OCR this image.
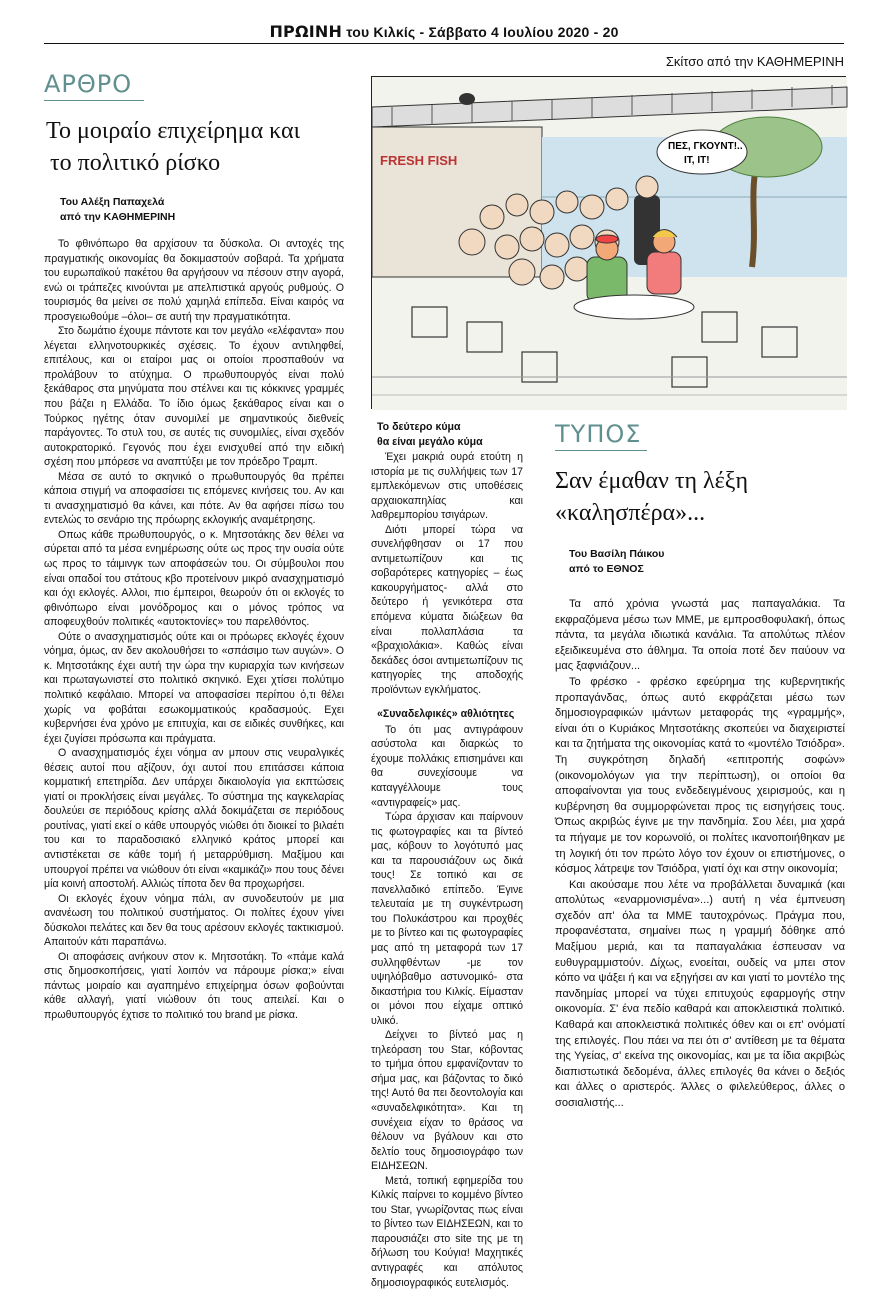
ΠΡΩΙΝΗ του Κιλκίς - Σάββατο 4 Ιουλίου 2020 - 20
Σκίτσο από την ΚΑΘΗΜΕΡΙΝΗ
ΑΡΘΡΟ
Το μοιραίο επιχείρημα και
το πολιτικό ρίσκο
Του Αλέξη Παπαχελά
από την ΚΑΘΗΜΕΡΙΝΗ

Το φθινόπωρο θα αρχίσουν τα δύσκολα. Οι αντοχές της πραγματικής οικονομίας θα δοκιμαστούν σοβαρά. Τα χρήματα του ευρωπαϊκού πακέτου θα αργήσουν να πέσουν στην αγορά, ενώ οι τράπεζες κινούνται με απελπιστικά αργούς ρυθμούς. Ο τουρισμός θα μείνει σε πολύ χαμηλά επίπεδα. Είναι καιρός να προσγειωθούμε –όλοι– σε αυτή την πραγματικότητα.

Στο δωμάτιο έχουμε πάντοτε και τον μεγάλο «ελέφαντα» που λέγεται ελληνοτουρκικές σχέσεις. Το έχουν αντιληφθεί, επιτέλους, και οι εταίροι μας οι οποίοι προσπαθούν να προλάβουν το ατύχημα. Ο πρωθυπουργός είναι πολύ ξεκάθαρος στα μηνύματα που στέλνει και τις κόκκινες γραμμές που βάζει η Ελλάδα. Το ίδιο όμως ξεκάθαρος είναι και ο Τούρκος ηγέτης όταν συνομιλεί με σημαντικούς διεθνείς παράγοντες. Το στυλ του, σε αυτές τις συνομιλίες, είναι σχεδόν αυτοκρατορικό. Γεγονός που έχει ενισχυθεί από την ειδική σχέση που μπόρεσε να αναπτύξει με τον πρόεδρο Τραμπ.

Μέσα σε αυτό το σκηνικό ο πρωθυπουργός θα πρέπει κάποια στιγμή να αποφασίσει τις επόμενες κινήσεις του. Αν και τι ανασχηματισμό θα κάνει, και πότε. Αν θα αφήσει πίσω του εντελώς το σενάριο της πρόωρης εκλογικής αναμέτρησης.

Οπως κάθε πρωθυπουργός, ο κ. Μητσοτάκης δεν θέλει να σύρεται από τα μέσα ενημέρωσης ούτε ως προς την ουσία ούτε ως προς το τάιμινγκ των αποφάσεών του. Οι σύμβουλοι που είναι οπαδοί του στάτους κβο προτείνουν μικρό ανασχηματισμό και όχι εκλογές. Αλλοι, πιο έμπειροι, θεωρούν ότι οι εκλογές το φθινόπωρο είναι μονόδρομος και ο μόνος τρόπος να αποφευχθούν πολιτικές «αυτοκτονίες» του παρελθόντος.

Ούτε ο ανασχηματισμός ούτε και οι πρόωρες εκλογές έχουν νόημα, όμως, αν δεν ακολουθήσει το «σπάσιμο των αυγών». Ο κ. Μητσοτάκης έχει αυτή την ώρα την κυριαρχία των κινήσεων και πρωταγωνιστεί στο πολιτικό σκηνικό. Εχει χτίσει πολύτιμο πολιτικό κεφάλαιο. Μπορεί να αποφασίσει περίπου ό,τι θέλει χωρίς να φοβάται εσωκομματικούς κραδασμούς. Εχει κυβερνήσει ένα χρόνο με επιτυχία, και σε ειδικές συνθήκες, και έχει ζυγίσει πρόσωπα και πράγματα.

Ο ανασχηματισμός έχει νόημα αν μπουν στις νευραλγικές θέσεις αυτοί που αξίζουν, όχι αυτοί που επιτάσσει κάποια κομματική επετηρίδα. Δεν υπάρχει δικαιολογία για εκπτώσεις γιατί οι προκλήσεις είναι μεγάλες. Το σύστημα της καγκελαρίας δουλεύει σε περιόδους κρίσης αλλά δοκιμάζεται σε περιόδους ρουτίνας, γιατί εκεί ο κάθε υπουργός νιώθει ότι διοικεί το βιλαέτι του και το παραδοσιακό ελληνικό κράτος μπορεί και αντιστέκεται σε κάθε τομή ή μεταρρύθμιση. Μαξίμου και υπουργοί πρέπει να νιώθουν ότι είναι «καμικάζι» που τους δένει μία κοινή αποστολή. Αλλιώς τίποτα δεν θα προχωρήσει.

Οι εκλογές έχουν νόημα πάλι, αν συνοδευτούν με μια ανανέωση του πολιτικού συστήματος. Οι πολίτες έχουν γίνει δύσκολοι πελάτες και δεν θα τους αρέσουν εκλογές τακτικισμού. Απαιτούν κάτι παραπάνω.

Οι αποφάσεις ανήκουν στον κ. Μητσοτάκη. Το «πάμε καλά στις δημοσκοπήσεις, γιατί λοιπόν να πάρουμε ρίσκα;» είναι πάντως μοιραίο και αγαπημένο επιχείρημα όσων φοβούνται κάθε αλλαγή, γιατί νιώθουν ότι τους απειλεί. Και ο πρωθυπουργός έχτισε το πολιτικό του brand με ρίσκα.

FRESH FISH
ΠΕΣ, ΓΚΟΥΝΤ!..
IT, IT!
Το δεύτερο κύμα
θα είναι μεγάλο κύμα

Έχει μακριά ουρά ετούτη η ιστορία με τις συλλήψεις των 17 εμπλεκόμενων στις υποθέσεις αρχαιοκαπηλίας και λαθρεμπορίου τσιγάρων.

Διότι μπορεί τώρα να συνελήφθησαν οι 17 που αντιμετωπίζουν και τις σοβαρότερες κατηγορίες – έως κακουργήματος- αλλά στο δεύτερο ή γενικότερα στα επόμενα κύματα διώξεων θα είναι πολλαπλάσια τα «βραχιολάκια». Καθώς είναι δεκάδες όσοι αντιμετωπίζουν τις κατηγορίες της αποδοχής προϊόντων εγκλήματος.

«Συναδελφικές» αθλιότητες

Το ότι μας αντιγράφουν ασύστολα και διαρκώς το έχουμε πολλάκις επισημάνει και θα συνεχίσουμε να καταγγέλλουμε τους «αντιγραφείς» μας.

Τώρα άρχισαν και παίρνουν τις φωτογραφίες και τα βίντεό μας, κόβουν το λογότυπό μας και τα παρουσιάζουν ως δικά τους! Σε τοπικό και σε πανελλαδικό επίπεδο. Έγινε τελευταία με τη συγκέντρωση του Πολυκάστρου και προχθές με το βίντεο και τις φωτογραφίες μας από τη μεταφορά των 17 συλληφθέντων -με τον υψηλόβαθμο αστυνομικό- στα δικαστήρια του Κιλκίς. Είμασταν οι μόνοι που είχαμε οπτικό υλικό.

Δείχνει το βίντεό μας η τηλεόραση του Star, κόβοντας το τμήμα όπου εμφανίζονταν το σήμα μας, και βάζοντας το δικό της! Αυτό θα πει δεοντολογία και «συναδελφικότητα». Και τη συνέχεια είχαν το θράσος να θέλουν να βγάλουν και στο δελτίο τους δημοσιογράφο των ΕΙΔΗΣΕΩΝ.

Μετά, τοπική εφημερίδα του Κιλκίς παίρνει το κομμένο βίντεο του Star, γνωρίζοντας πως είναι το βίντεο των ΕΙΔΗΣΕΩΝ, και το παρουσιάζει στο site της με τη δήλωση του Κούγια! Μαχητικές αντιγραφές και απόλυτος δημοσιογραφικός ευτελισμός.

ΤΥΠΟΣ
Σαν έμαθαν τη λέξη
«καλησπέρα»...
Του Βασίλη Πάικου
από το ΕΘΝΟΣ

Τα από χρόνια γνωστά μας παπαγαλάκια. Τα εκφραζόμενα μέσω των ΜΜΕ, με εμπροσθοφυλακή, όπως πάντα, τα μεγάλα ιδιωτικά κανάλια. Τα απολύτως πλέον εξειδικευμένα στο άθλημα. Τα οποία ποτέ δεν παύουν να μας ξαφνιάζουν...

Το φρέσκο - φρέσκο εφεύρημα της κυβερνητικής προπαγάνδας, όπως αυτό εκφράζεται μέσω των δημοσιογραφικών ιμάντων μεταφοράς της «γραμμής», είναι ότι ο Κυριάκος Μητσοτάκης σκοπεύει να διαχειριστεί και τα ζητήματα της οικονομίας κατά το «μοντέλο Τσιόδρα». Τη συγκρότηση δηλαδή «επιτροπής σοφών» (οικονομολόγων για την περίπτωση), οι οποίοι θα αποφαίνονται για τους ενδεδειγμένους χειρισμούς, και η κυβέρνηση θα συμμορφώνεται προς τις εισηγήσεις τους. Όπως ακριβώς έγινε με την πανδημία. Σου λέει, μια χαρά τα πήγαμε με τον κορωνοϊό, οι πολίτες ικανοποιήθηκαν με τη λογική ότι τον πρώτο λόγο τον έχουν οι επιστήμονες, ο κόσμος λάτρεψε τον Τσιόδρα, γιατί όχι και στην οικονομία;

Και ακούσαμε που λέτε να προβάλλεται δυναμικά (και απολύτως «εναρμονισμένα»...) αυτή η νέα έμπνευση σχεδόν απ' όλα τα ΜΜΕ ταυτοχρόνως. Πράγμα που, προφανέστατα, σημαίνει πως η γραμμή δόθηκε από Μαξίμου μεριά, και τα παπαγαλάκια έσπευσαν να ευθυγραμμιστούν. Δίχως, ενοείται, ουδείς να μπει στον κόπο να ψάξει ή και να εξηγήσει αν και γιατί το μοντέλο της πανδημίας μπορεί να τύχει επιτυχούς εφαρμογής στην οικονομία. Σ' ένα πεδίο καθαρά και αποκλειστικά πολιτικό. Καθαρά και αποκλειστικά πολιτικές όθεν και οι επ' ονόματί της επιλογές. Που πάει να πει ότι σ' αντίθεση με τα θέματα της Υγείας, σ' εκείνα της οικονομίας, και με τα ίδια ακριβώς διαπιστωτικά δεδομένα, άλλες επιλογές θα κάνει ο δεξιός και άλλες ο αριστερός. Άλλες ο φιλελεύθερος, άλλες ο σοσιαλιστής...
